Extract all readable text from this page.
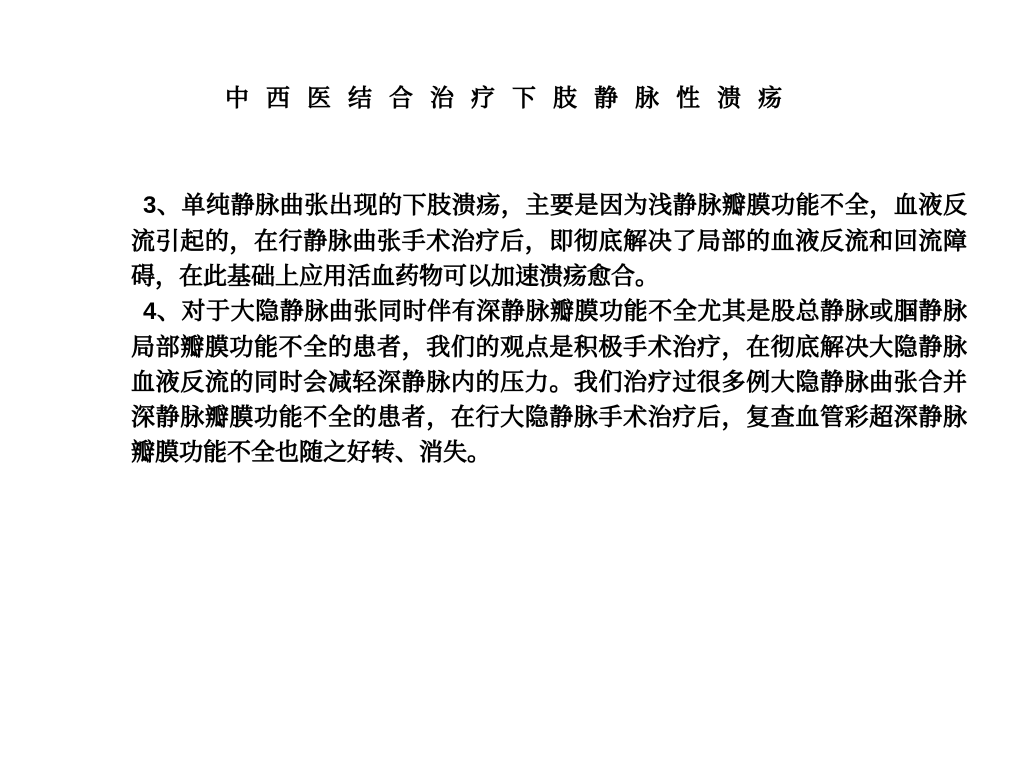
中西医结合治疗下肢静脉性溃疡

3、单纯静脉曲张出现的下肢溃疡，主要是因为浅静脉瓣膜功能不全，血液反流引起的，在行静脉曲张手术治疗后，即彻底解决了局部的血液反流和回流障碍，在此基础上应用活血药物可以加速溃疡愈合。

4、对于大隐静脉曲张同时伴有深静脉瓣膜功能不全尤其是股总静脉或腘静脉局部瓣膜功能不全的患者，我们的观点是积极手术治疗，在彻底解决大隐静脉血液反流的同时会减轻深静脉内的压力。我们治疗过很多例大隐静脉曲张合并深静脉瓣膜功能不全的患者，在行大隐静脉手术治疗后，复查血管彩超深静脉瓣膜功能不全也随之好转、消失。
